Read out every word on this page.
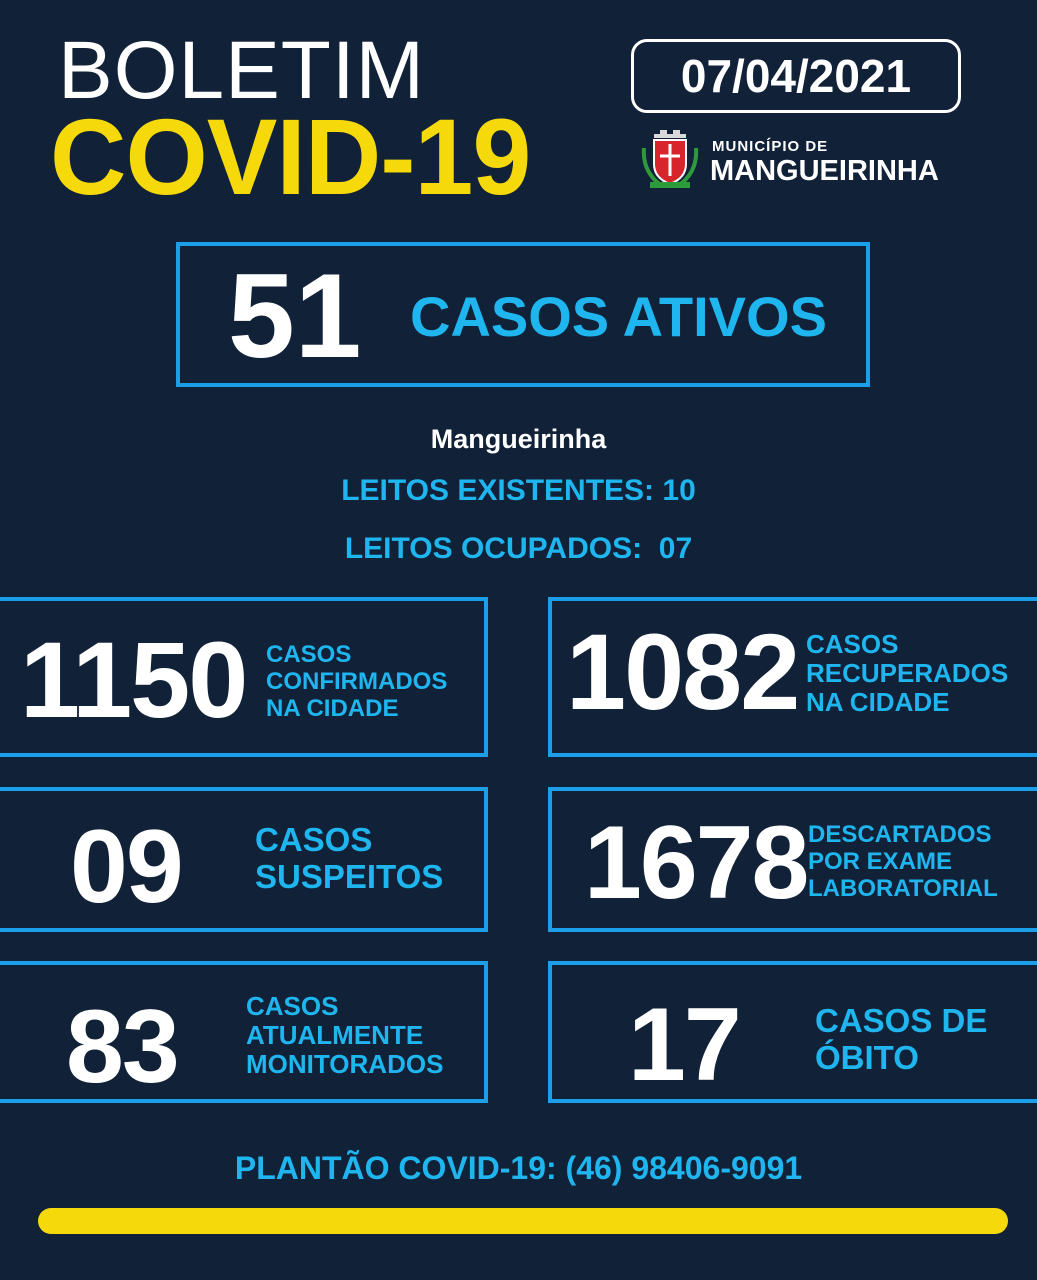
BOLETIM
COVID-19
07/04/2021
MUNICÍPIO DE
MANGUEIRINHA
51 CASOS ATIVOS
Mangueirinha
LEITOS EXISTENTES: 10
LEITOS OCUPADOS:  07
1150 CASOS
CONFIRMADOS
NA CIDADE	1082 CASOS
RECUPERADOS
NA CIDADE
09 CASOS
SUSPEITOS 1678 DESCARTADOS
POR EXAME
LABORATORIAL
83	CASOS
ATUALMENTE
MONITORADOS 17 CASOS DE
ÓBITO
PLANTÃO COVID-19: (46) 98406-9091
